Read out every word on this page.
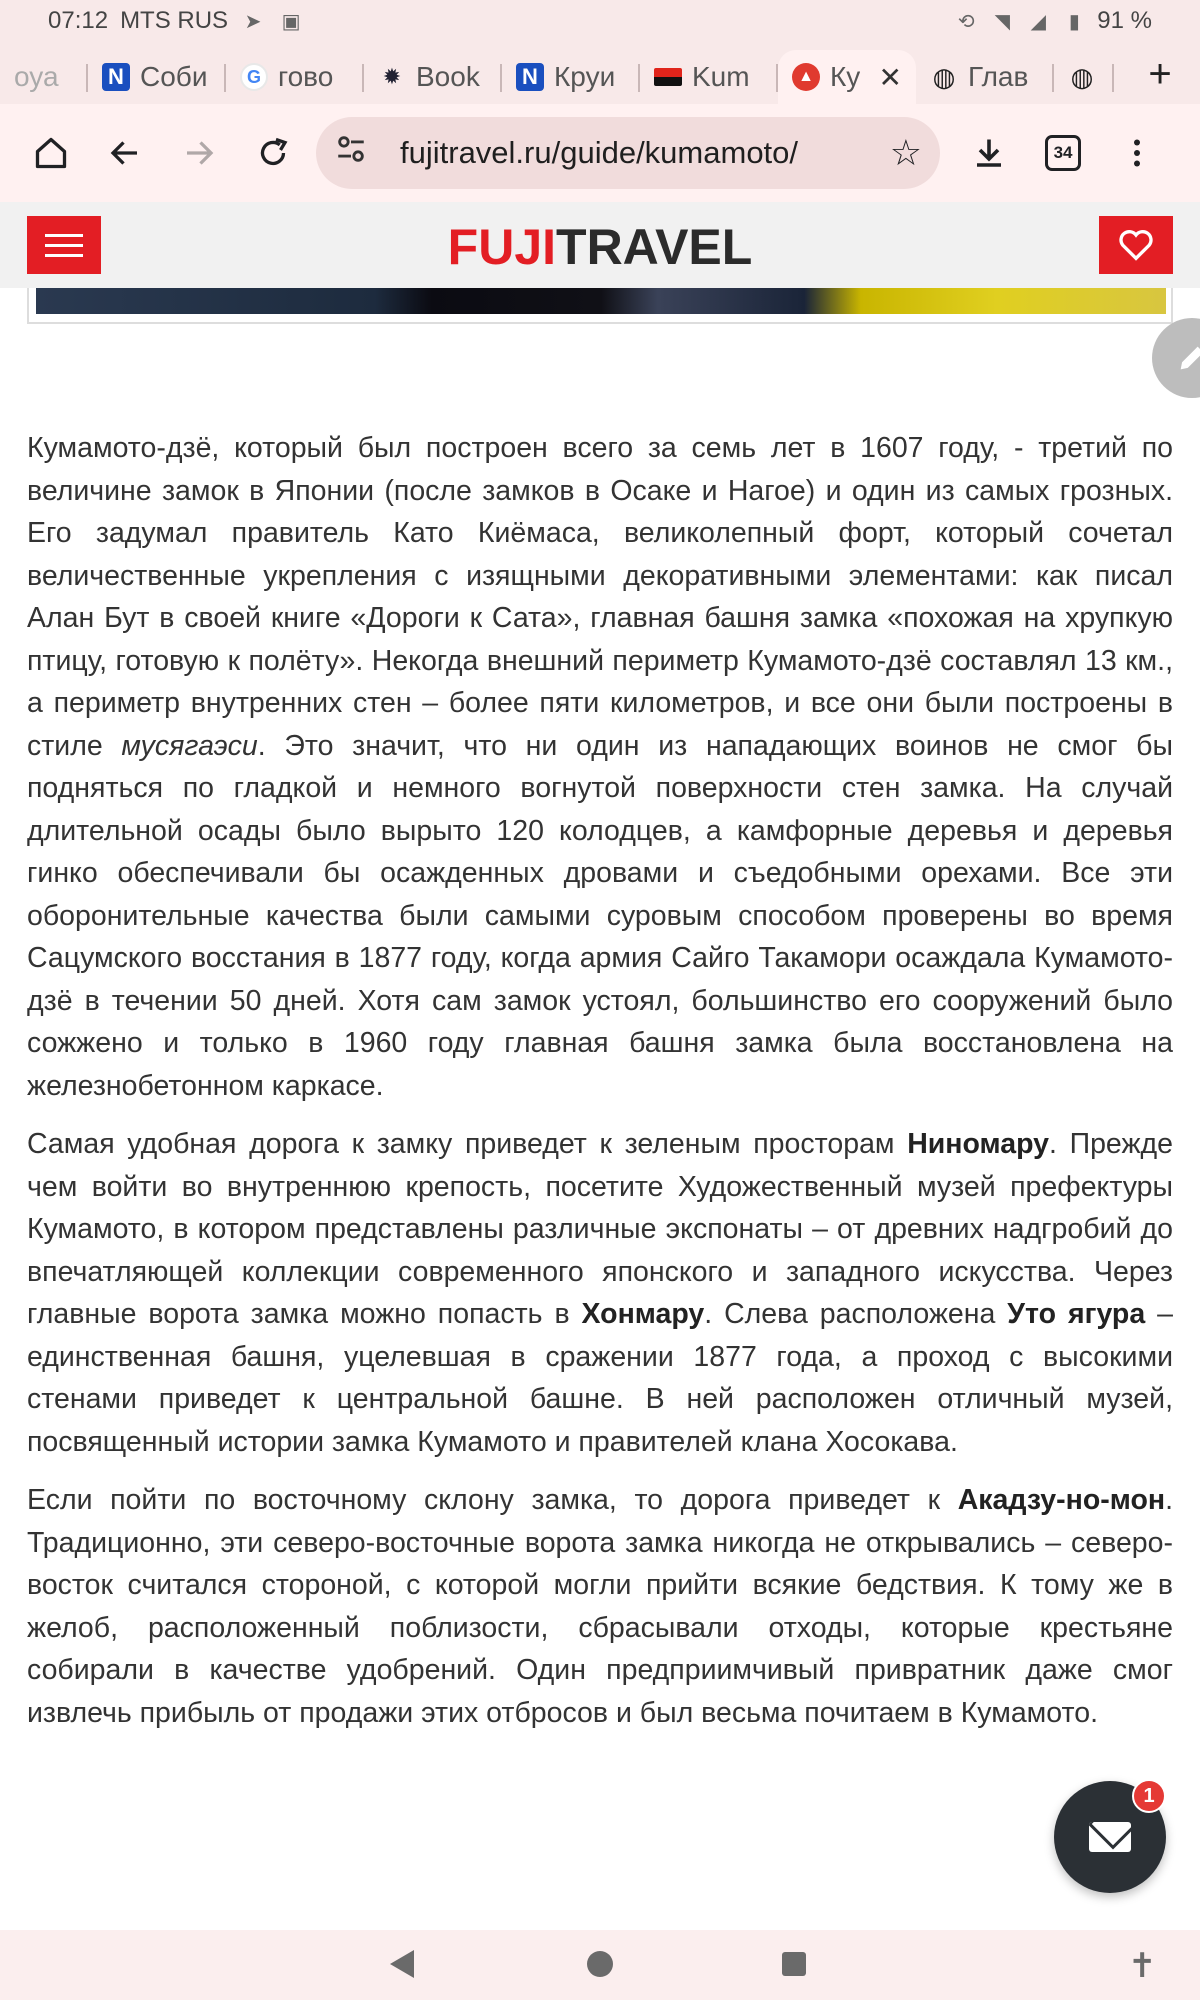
07:12 MTS RUS ➤ ▣	⟲ ◥ ◢	▮ 91 %
оуа N Соби	G гово ✹ Book N Круи	Kum	▲ Ку ✕ ◍ Глав ◍ +
fujitravel.ru/guide/kumamoto/	☆	34
FUJITRAVEL

Кумамото-дзё, который был построен всего за семь лет в 1607 году, - третий по величине замок в Японии (после замков в Осаке и Нагое) и один из самых грозных. Его задумал правитель Като Киёмаса, великолепный форт, который сочетал величественные укрепления с изящными декоративными элементами: как писал Алан Бут в своей книге «Дороги к Сата», главная башня замка «похожая на хрупкую птицу, готовую к полёту». Некогда внешний периметр Кумамото-дзё составлял 13 км., а периметр внутренних стен – более пяти километров, и все они были построены в стиле мусягаэси. Это значит, что ни один из нападающих воинов не смог бы подняться по гладкой и немного вогнутой поверхности стен замка. На случай длительной осады было вырыто 120 колодцев, а камфорные деревья и деревья гинко обеспечивали бы осажденных дровами и съедобными орехами. Все эти оборонительные качества были самыми суровым способом проверены во время Сацумского восстания в 1877 году, когда армия Сайго Такамори осаждала Кумамото-дзё в течении 50 дней. Хотя сам замок устоял, большинство его сооружений было сожжено и только в 1960 году главная башня замка была восстановлена на железнобетонном каркасе.

Самая удобная дорога к замку приведет к зеленым просторам Ниномару. Прежде чем войти во внутреннюю крепость, посетите Художественный музей префектуры Кумамото, в котором представлены различные экспонаты – от древних надгробий до впечатляющей коллекции современного японского и западного искусства. Через главные ворота замка можно попасть в Хонмару. Слева расположена Уто ягура – единственная башня, уцелевшая в сражении 1877 года, а проход с высокими стенами приведет к центральной башне. В ней расположен отличный музей, посвященный истории замка Кумамото и правителей клана Хосокава.

Если пойти по восточному склону замка, то дорога приведет к Акадзу-но-мон. Традиционно, эти северо-восточные ворота замка никогда не открывались – северо-восток считался стороной, с которой могли прийти всякие бедствия. К тому же в желоб, расположенный поблизости, сбрасывали отходы, которые крестьяне собирали в качестве удобрений. Один предприимчивый привратник даже смог извлечь прибыль от продажи этих отбросов и был весьма почитаем в Кумамото.

1
✝
